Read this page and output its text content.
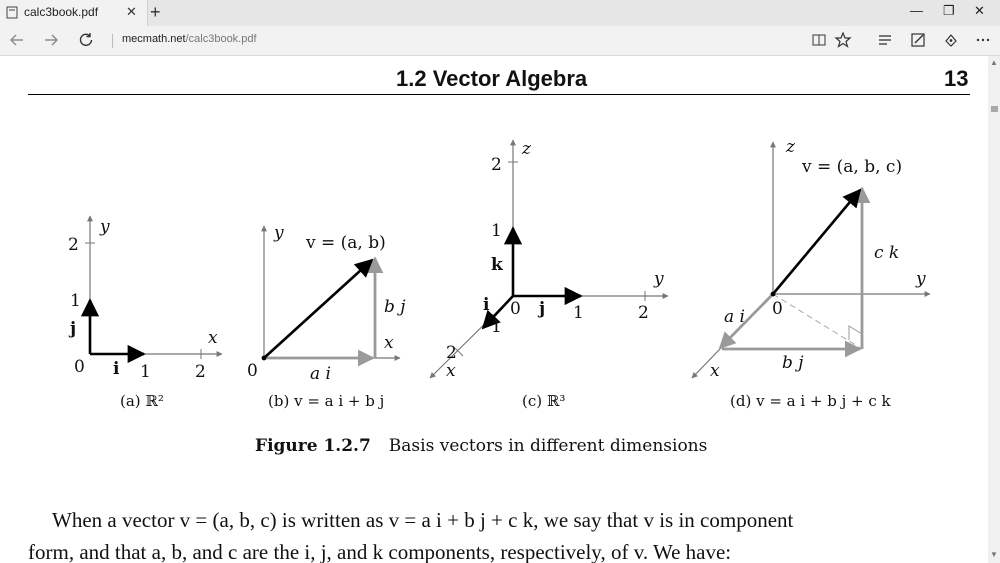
calc3book.pdf ✕ +	— ❐ ✕
mecmath.net/calc3book.pdf
1.2 Vector Algebra	13
y
2
1
j
0 i 1	2
x
(a) ℝ²
y v = (a, b)
b j
x
0	a i
(b) v = a i + b j
z
2
1
k
y
i 0 j 1	2
1
2
x
(c) ℝ³
z
v = (a, b, c)
c k
y
0
a i
b j
x
(d) v = a i + b j + c k
Figure 1.2.7 Basis vectors in different dimensions
When a vector v = (a, b, c) is written as v = a i + b j + c k, we say that v is in component
form, and that a, b, and c are the i, j, and k components, respectively, of v. We have:
▲
▼
